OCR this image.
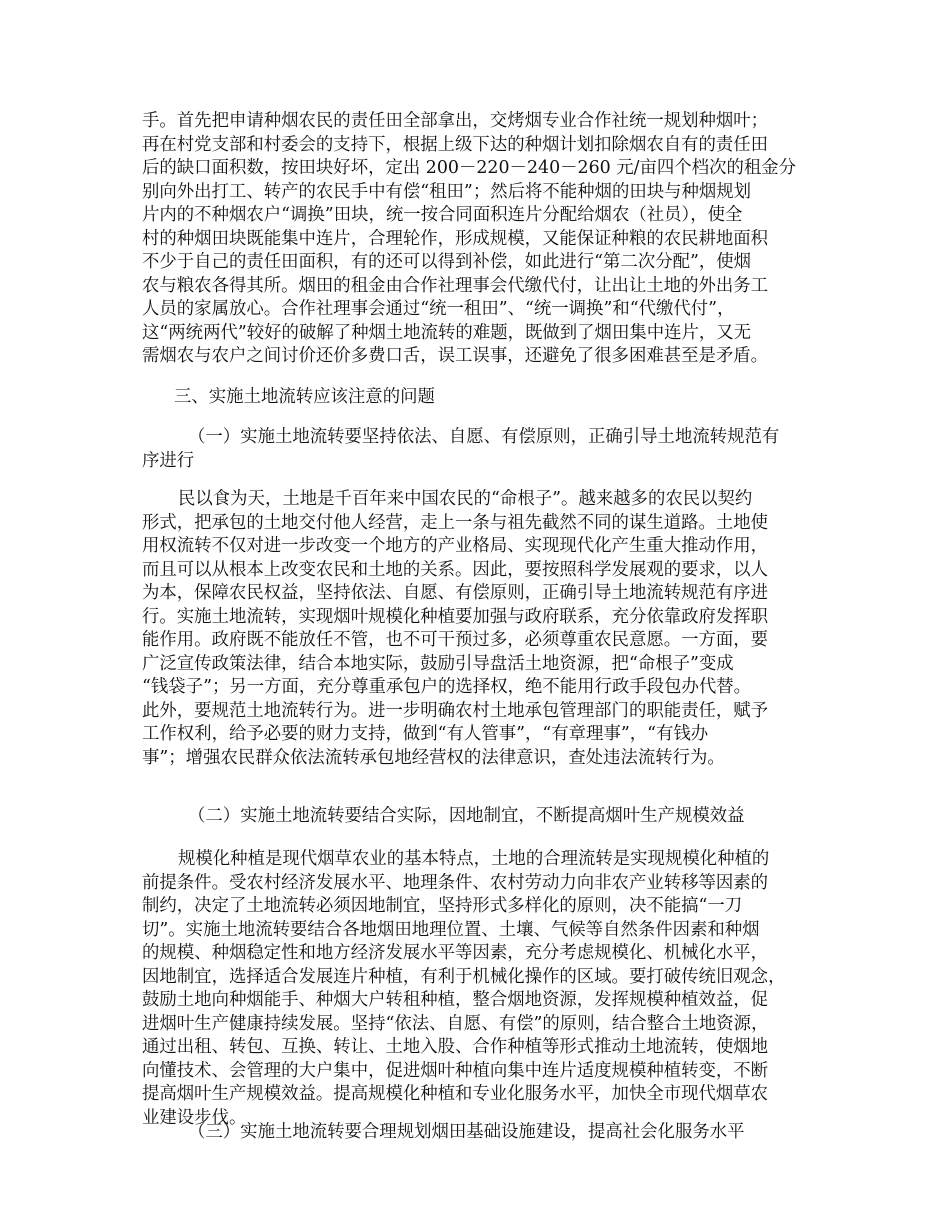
手。首先把申请种烟农民的责任田全部拿出，交烤烟专业合作社统一规划种烟叶；
再在村党支部和村委会的支持下，根据上级下达的种烟计划扣除烟农自有的责任田
后的缺口面积数，按田块好坏，定出 200－220－240－260 元/亩四个档次的租金分
别向外出打工、转产的农民手中有偿“租田”；然后将不能种烟的田块与种烟规划
片内的不种烟农户“调换”田块，统一按合同面积连片分配给烟农（社员），使全
村的种烟田块既能集中连片，合理轮作，形成规模，又能保证种粮的农民耕地面积
不少于自己的责任田面积，有的还可以得到补偿，如此进行“第二次分配”，使烟
农与粮农各得其所。烟田的租金由合作社理事会代缴代付，让出让土地的外出务工
人员的家属放心。合作社理事会通过“统一租田”、“统一调换”和“代缴代付”，
这“两统两代”较好的破解了种烟土地流转的难题，既做到了烟田集中连片，又无
需烟农与农户之间讨价还价多费口舌，误工误事，还避免了很多困难甚至是矛盾。
三、实施土地流转应该注意的问题
（一）实施土地流转要坚持依法、自愿、有偿原则，正确引导土地流转规范有
序进行
民以食为天，土地是千百年来中国农民的“命根子”。越来越多的农民以契约
形式，把承包的土地交付他人经营，走上一条与祖先截然不同的谋生道路。土地使
用权流转不仅对进一步改变一个地方的产业格局、实现现代化产生重大推动作用，
而且可以从根本上改变农民和土地的关系。因此，要按照科学发展观的要求，以人
为本，保障农民权益，坚持依法、自愿、有偿原则，正确引导土地流转规范有序进
行。实施土地流转，实现烟叶规模化种植要加强与政府联系，充分依靠政府发挥职
能作用。政府既不能放任不管，也不可干预过多，必须尊重农民意愿。一方面，要
广泛宣传政策法律，结合本地实际，鼓励引导盘活土地资源，把“命根子”变成
“钱袋子”；另一方面，充分尊重承包户的选择权，绝不能用行政手段包办代替。
此外，要规范土地流转行为。进一步明确农村土地承包管理部门的职能责任，赋予
工作权利，给予必要的财力支持，做到“有人管事”，“有章理事”，“有钱办
事”；增强农民群众依法流转承包地经营权的法律意识，查处违法流转行为。
（二）实施土地流转要结合实际，因地制宜，不断提高烟叶生产规模效益
规模化种植是现代烟草农业的基本特点，土地的合理流转是实现规模化种植的
前提条件。受农村经济发展水平、地理条件、农村劳动力向非农产业转移等因素的
制约，决定了土地流转必须因地制宜，坚持形式多样化的原则，决不能搞“一刀
切”。实施土地流转要结合各地烟田地理位置、土壤、气候等自然条件因素和种烟
的规模、种烟稳定性和地方经济发展水平等因素，充分考虑规模化、机械化水平，
因地制宜，选择适合发展连片种植，有利于机械化操作的区域。要打破传统旧观念，
鼓励土地向种烟能手、种烟大户转租种植，整合烟地资源，发挥规模种植效益，促
进烟叶生产健康持续发展。坚持“依法、自愿、有偿”的原则，结合整合土地资源，
通过出租、转包、互换、转让、土地入股、合作种植等形式推动土地流转，使烟地
向懂技术、会管理的大户集中，促进烟叶种植向集中连片适度规模种植转变，不断
提高烟叶生产规模效益。提高规模化种植和专业化服务水平，加快全市现代烟草农
业建设步伐。
（三）实施土地流转要合理规划烟田基础设施建设，提高社会化服务水平
